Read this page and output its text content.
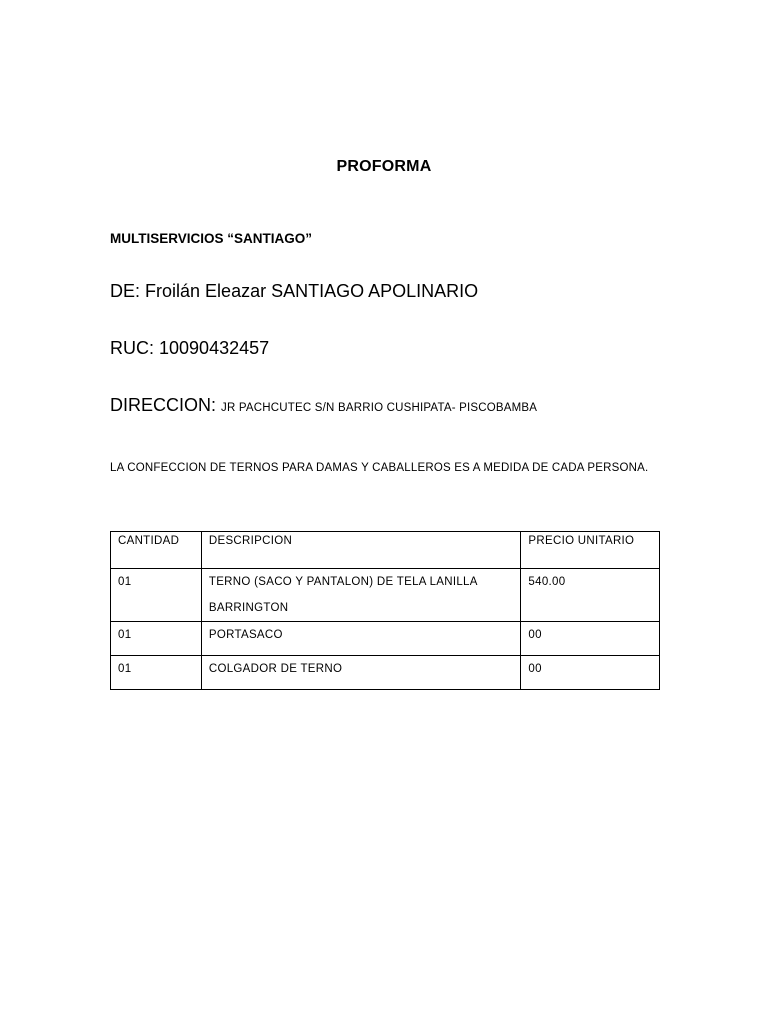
PROFORMA
MULTISERVICIOS “SANTIAGO”
DE: Froilán Eleazar SANTIAGO APOLINARIO
RUC: 10090432457
DIRECCION: JR PACHCUTEC S/N BARRIO CUSHIPATA- PISCOBAMBA
LA CONFECCION DE TERNOS PARA DAMAS Y CABALLEROS ES A MEDIDA DE CADA PERSONA.
CANTIDAD	DESCRIPCION	PRECIO UNITARIO
01	TERNO (SACO Y PANTALON) DE TELA LANILLA BARRINGTON	540.00
01	PORTASACO	00
01	COLGADOR DE TERNO	00
